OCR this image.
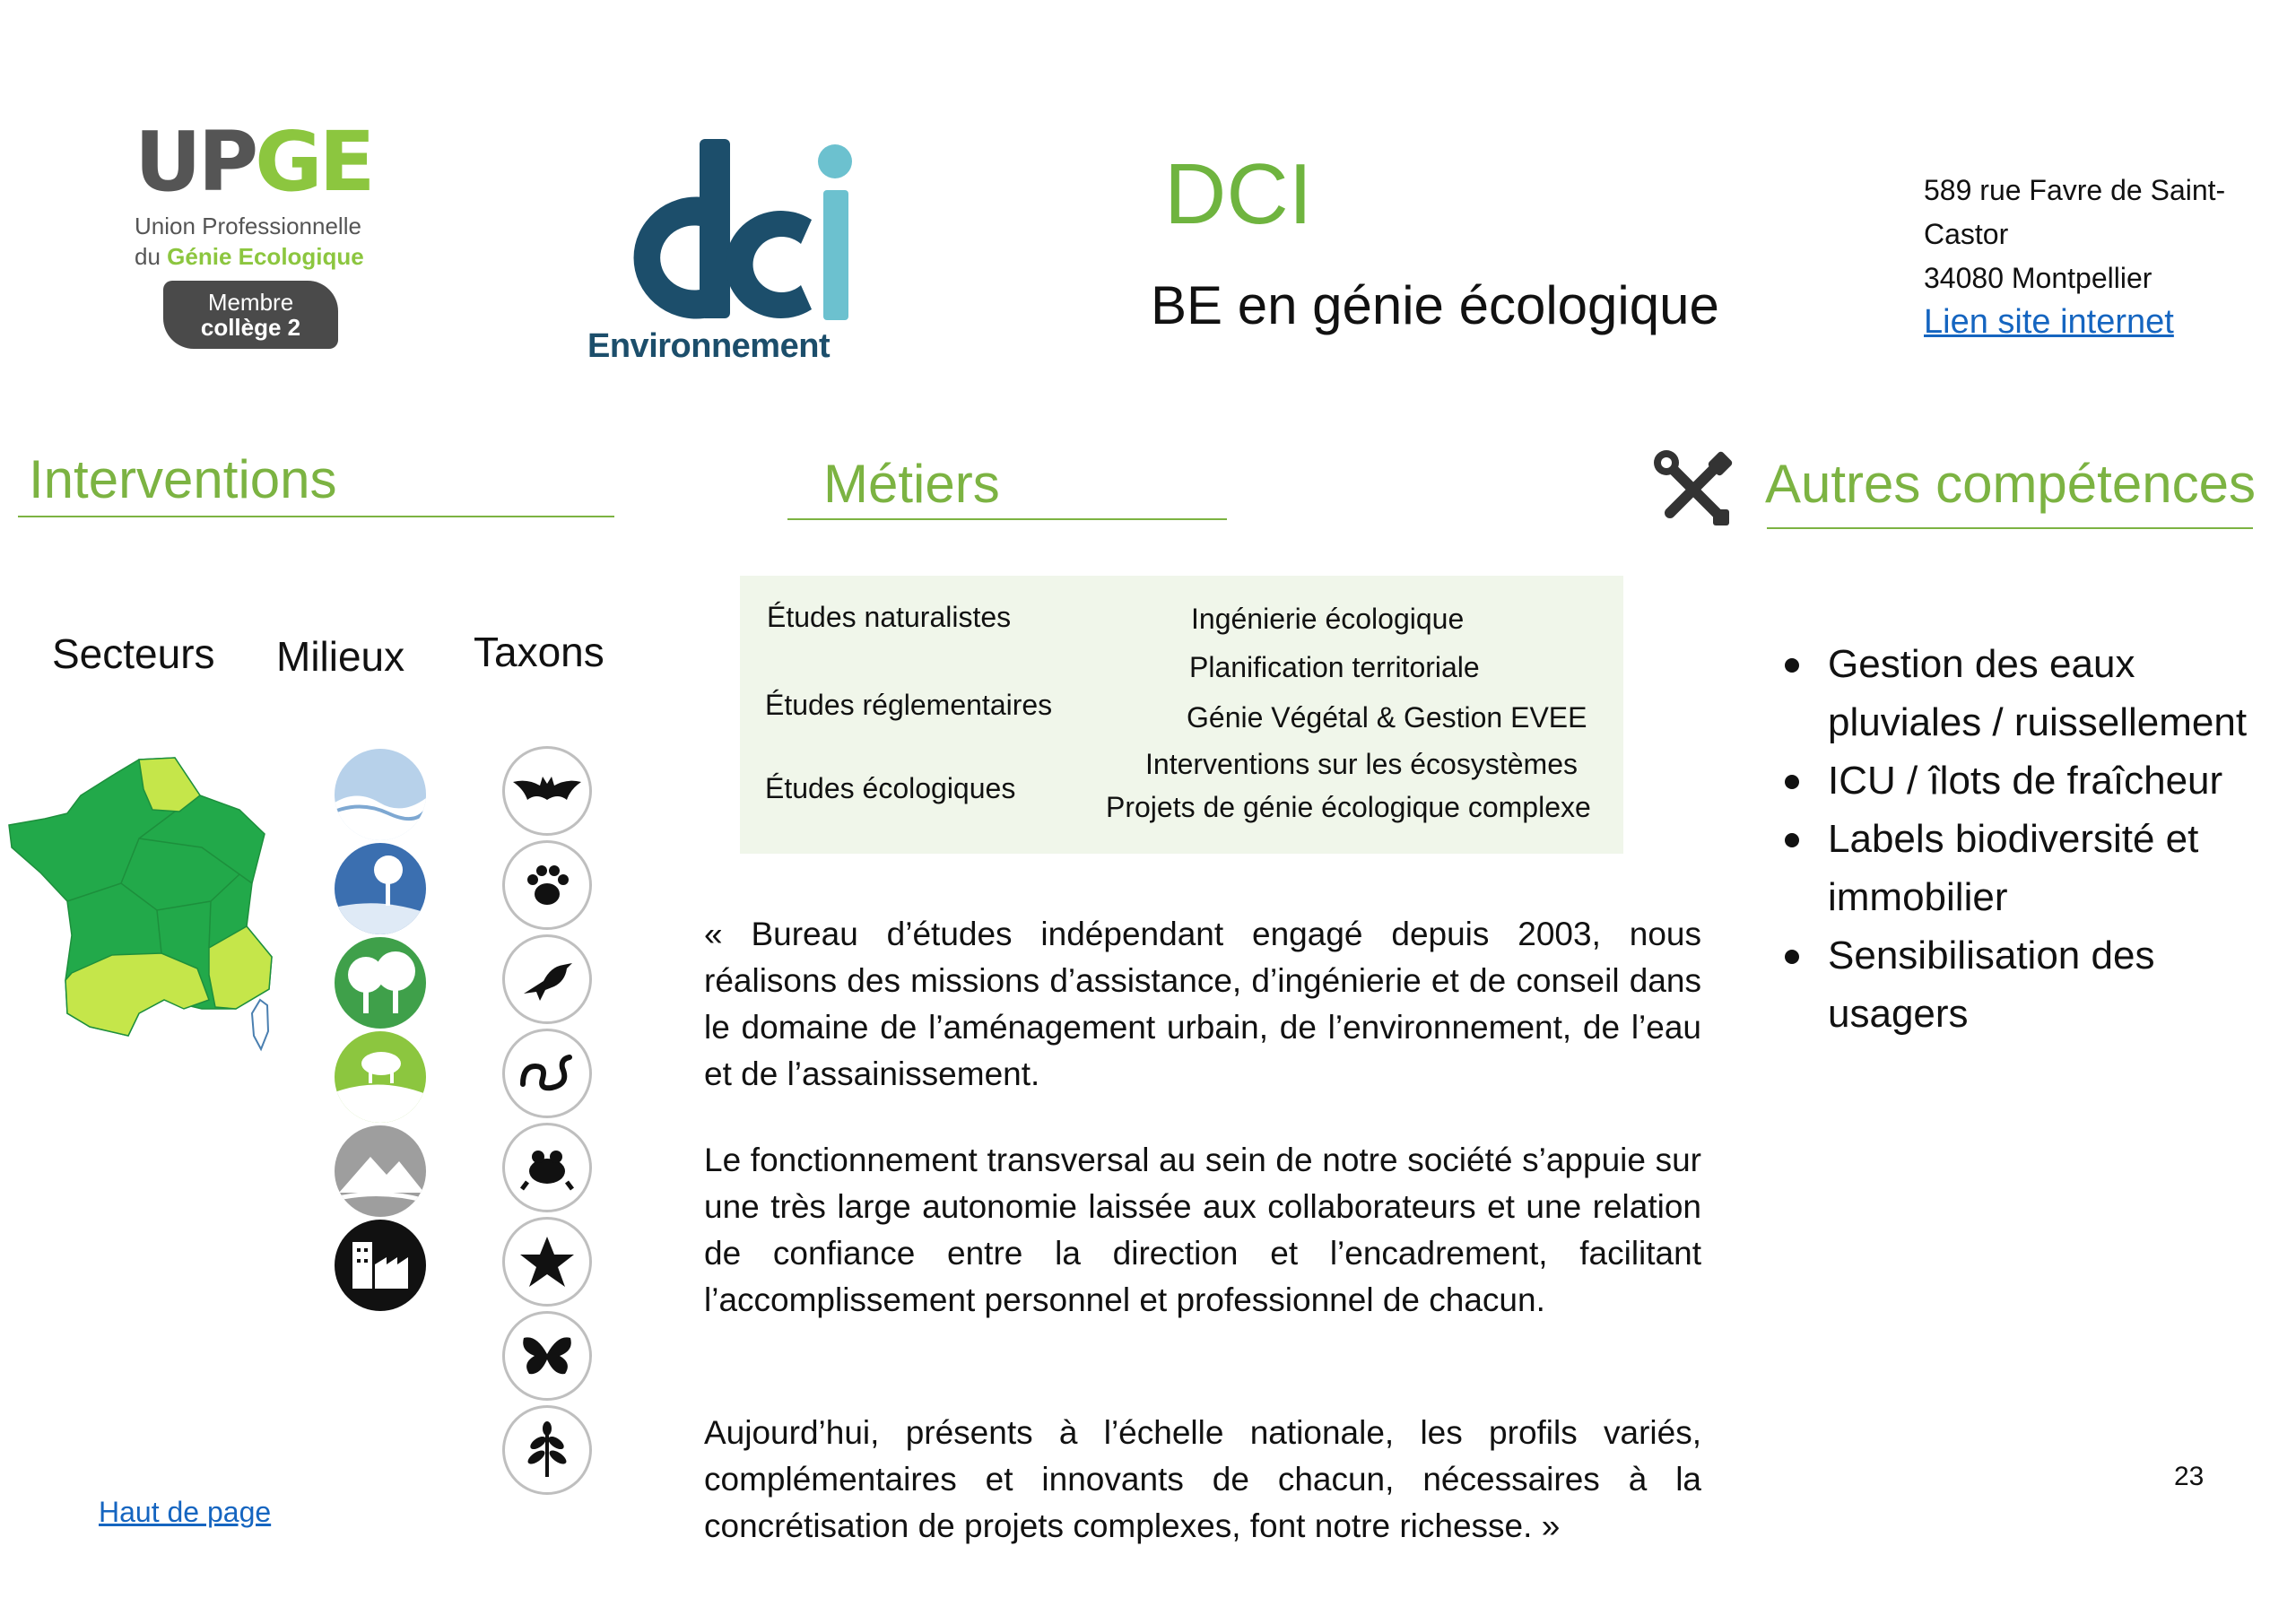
UPGE
Union Professionnelle
du Génie Ecologique
Membre
collège 2	Environnement
DCI
BE en génie écologique
589 rue Favre de Saint-
Castor
34080 Montpellier
Lien site internet
Interventions	Métiers	Autres compétences
Secteurs Milieux Taxons
Études naturalistes
Études réglementaires
Études écologiques
Ingénierie écologique
Planification territoriale
Génie Végétal & Gestion EVEE
Interventions sur les écosystèmes
Projets de génie écologique complexe

« Bureau d’études indépendant engagé depuis 2003, nous réalisons des missions d’assistance, d’ingénierie et de conseil dans le domaine de l’aménagement urbain, de l’environnement, de l’eau et de l’assainissement.

Le fonctionnement transversal au sein de notre société s’appuie sur une très large autonomie laissée aux collaborateurs et une relation de confiance entre la direction et l’encadrement, facilitant l’accomplissement personnel et professionnel de chacun.

Aujourd’hui, présents à l’échelle nationale, les profils variés, complémentaires et innovants de chacun, nécessaires à la concrétisation de projets complexes, font notre richesse. »

Gestion des eaux pluviales / ruissellement
ICU / îlots de fraîcheur
Labels biodiversité et immobilier
Sensibilisation des usagers
Haut de page
23
